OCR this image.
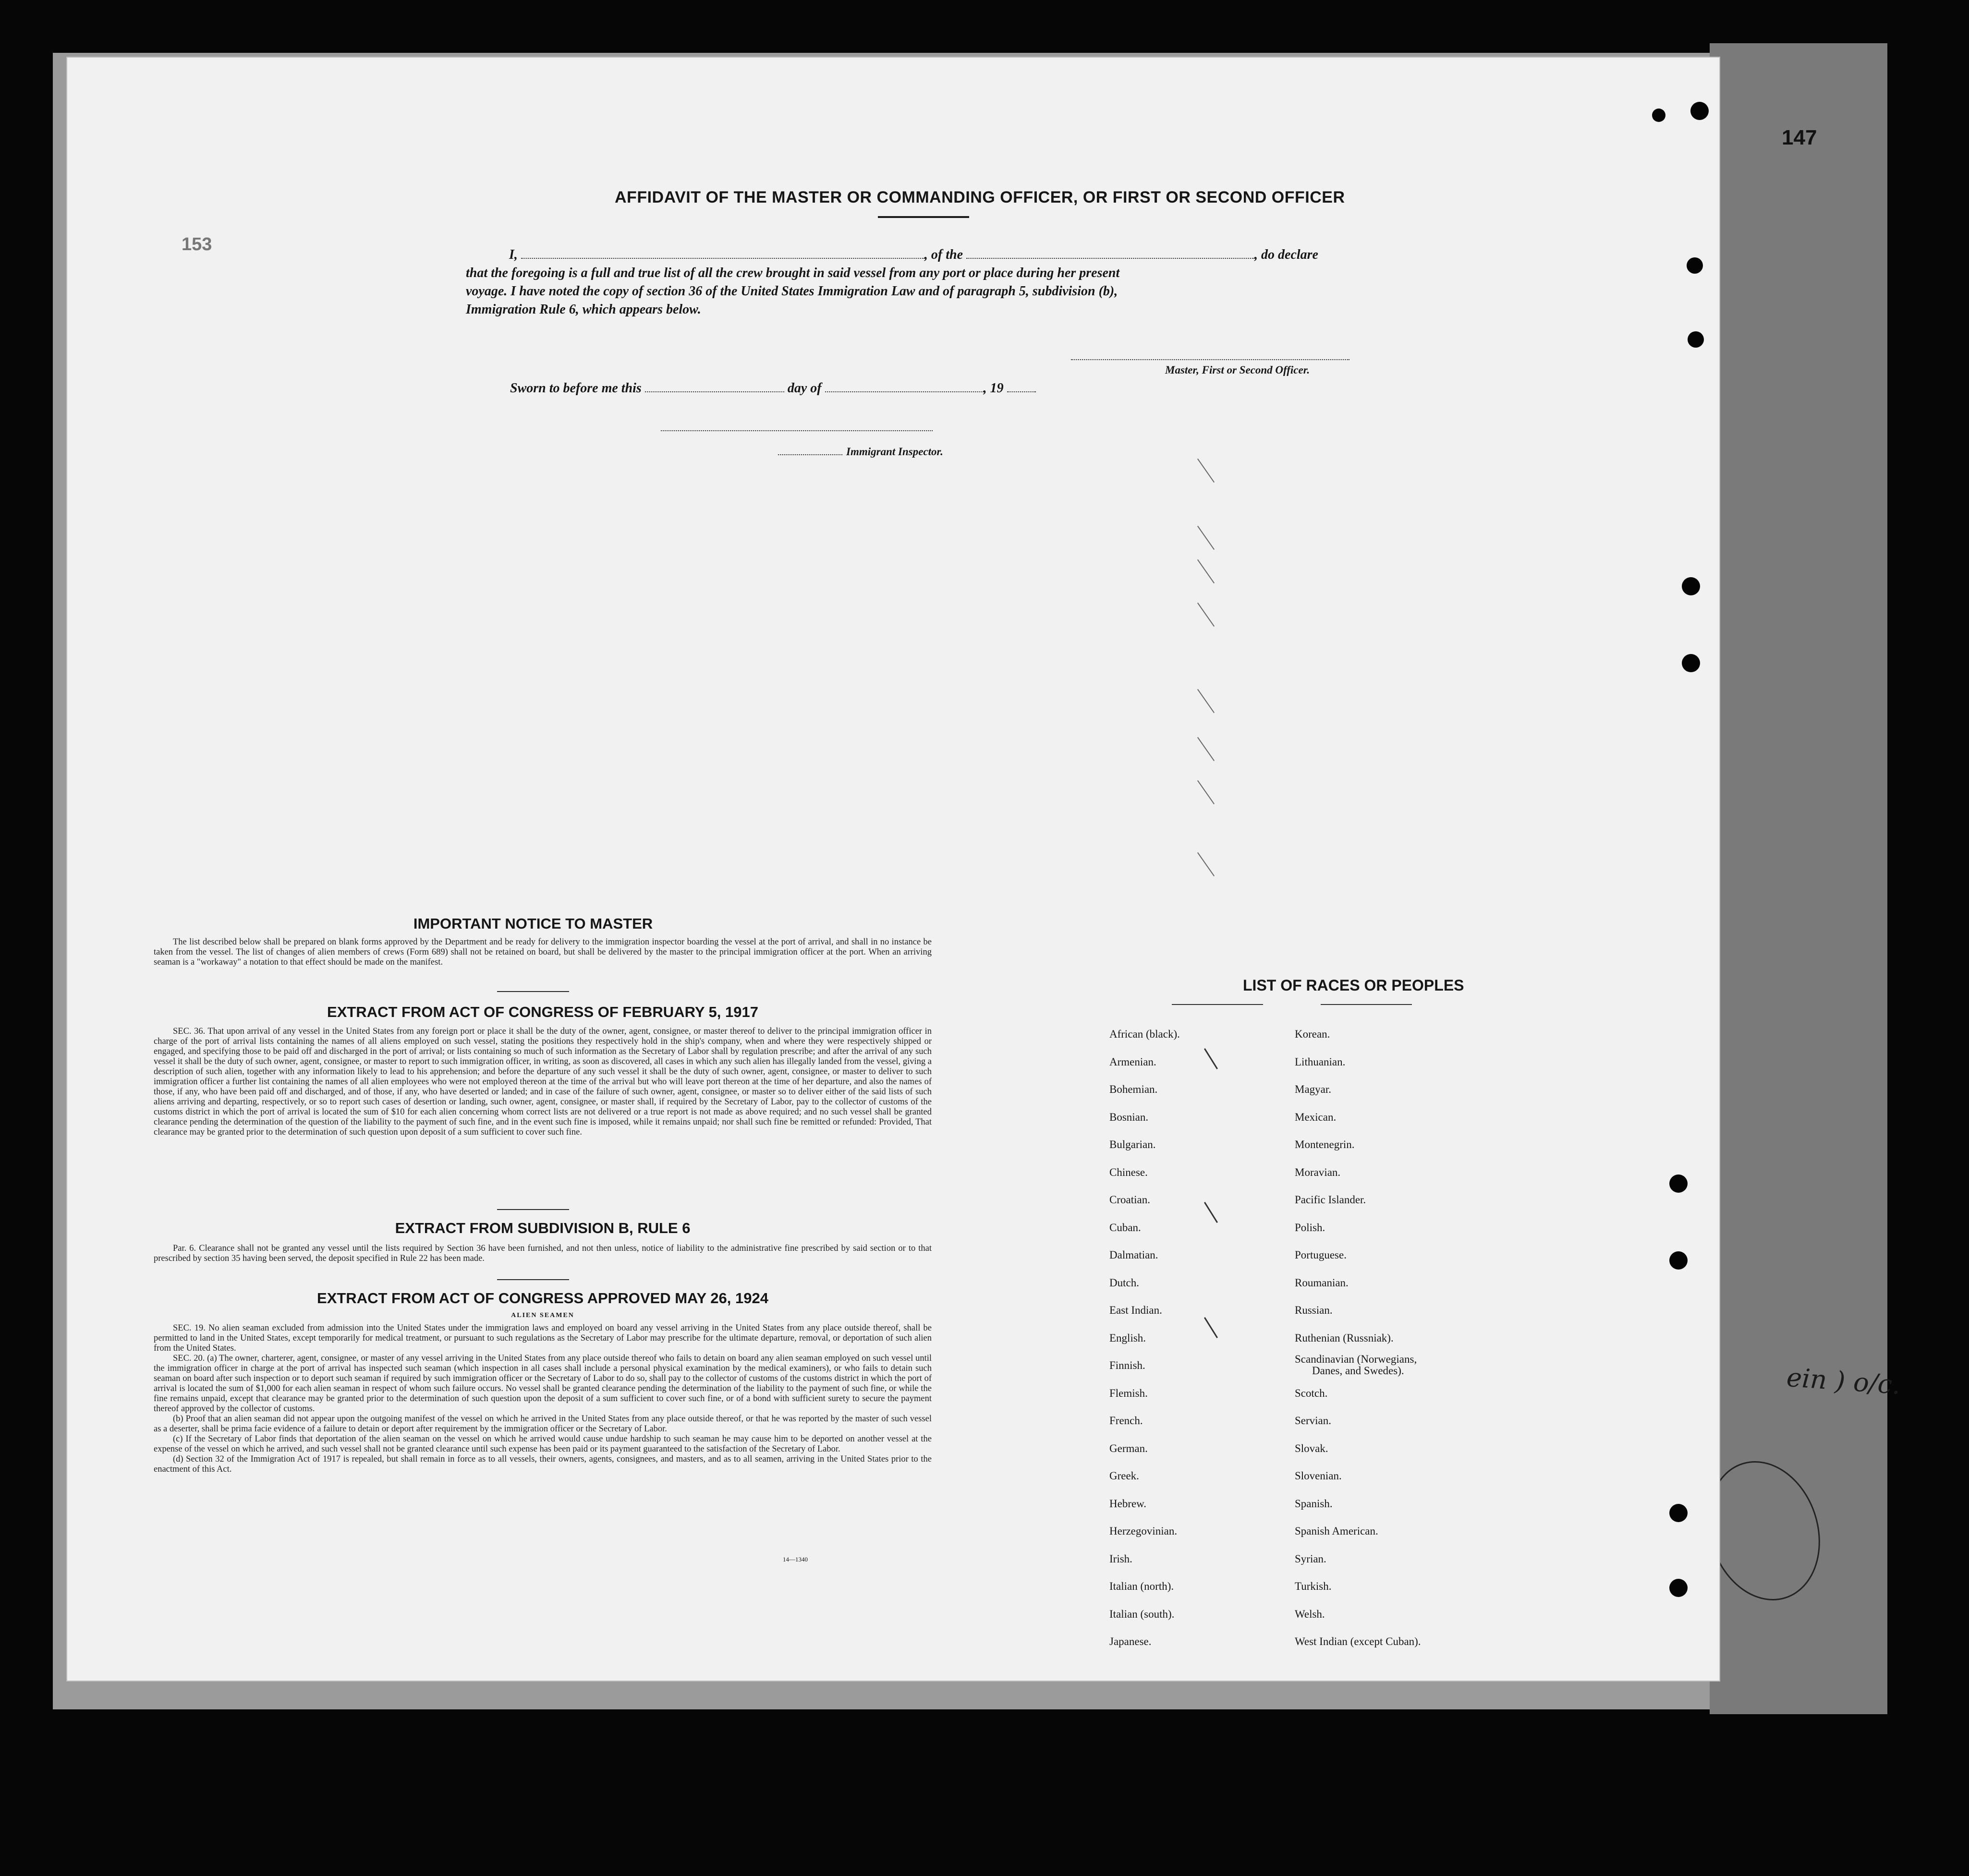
147
ein ) o/c.
153
AFFIDAVIT OF THE MASTER OR COMMANDING OFFICER, OR FIRST OR SECOND OFFICER
I,	, of the	, do declare
that the foregoing is a full and true list of all the crew brought in said vessel from any port or place during her present
voyage. I have noted the copy of section 36 of the United States Immigration Law and of paragraph 5, subdivision (b),
Immigration Rule 6, which appears below.
Master, First or Second Officer.
Sworn to before me this	day of	, 19
Immigrant Inspector.
IMPORTANT NOTICE TO MASTER
The list described below shall be prepared on blank forms approved by the Department and be ready for delivery to the immigration inspector boarding the vessel at the port of arrival, and shall in no instance be taken from the vessel. The list of changes of alien members of crews (Form 689) shall not be retained on board, but shall be delivered by the master to the principal immigration officer at the port. When an arriving seaman is a "workaway" a notation to that effect should be made on the manifest.
EXTRACT FROM ACT OF CONGRESS OF FEBRUARY 5, 1917
SEC. 36. That upon arrival of any vessel in the United States from any foreign port or place it shall be the duty of the owner, agent, consignee, or master thereof to deliver to the principal immigration officer in charge of the port of arrival lists containing the names of all aliens employed on such vessel, stating the positions they respectively hold in the ship's company, when and where they were respectively shipped or engaged, and specifying those to be paid off and discharged in the port of arrival; or lists containing so much of such information as the Secretary of Labor shall by regulation prescribe; and after the arrival of any such vessel it shall be the duty of such owner, agent, consignee, or master to report to such immigration officer, in writing, as soon as discovered, all cases in which any such alien has illegally landed from the vessel, giving a description of such alien, together with any information likely to lead to his apprehension; and before the departure of any such vessel it shall be the duty of such owner, agent, consignee, or master to deliver to such immigration officer a further list containing the names of all alien employees who were not employed thereon at the time of the arrival but who will leave port thereon at the time of her departure, and also the names of those, if any, who have been paid off and discharged, and of those, if any, who have deserted or landed; and in case of the failure of such owner, agent, consignee, or master so to deliver either of the said lists of such aliens arriving and departing, respectively, or so to report such cases of desertion or landing, such owner, agent, consignee, or master shall, if required by the Secretary of Labor, pay to the collector of customs of the customs district in which the port of arrival is located the sum of $10 for each alien concerning whom correct lists are not delivered or a true report is not made as above required; and no such vessel shall be granted clearance pending the determination of the question of the liability to the payment of such fine, and in the event such fine is imposed, while it remains unpaid; nor shall such fine be remitted or refunded: Provided, That clearance may be granted prior to the determination of such question upon deposit of a sum sufficient to cover such fine.
EXTRACT FROM SUBDIVISION B, RULE 6
Par. 6. Clearance shall not be granted any vessel until the lists required by Section 36 have been furnished, and not then unless, notice of liability to the administrative fine prescribed by said section or to that prescribed by section 35 having been served, the deposit specified in Rule 22 has been made.
EXTRACT FROM ACT OF CONGRESS APPROVED MAY 26, 1924
ALIEN SEAMEN
SEC. 19. No alien seaman excluded from admission into the United States under the immigration laws and employed on board any vessel arriving in the United States from any place outside thereof, shall be permitted to land in the United States, except temporarily for medical treatment, or pursuant to such regulations as the Secretary of Labor may prescribe for the ultimate departure, removal, or deportation of such alien from the United States.
SEC. 20. (a) The owner, charterer, agent, consignee, or master of any vessel arriving in the United States from any place outside thereof who fails to detain on board any alien seaman employed on such vessel until the immigration officer in charge at the port of arrival has inspected such seaman (which inspection in all cases shall include a personal physical examination by the medical examiners), or who fails to detain such seaman on board after such inspection or to deport such seaman if required by such immigration officer or the Secretary of Labor to do so, shall pay to the collector of customs of the customs district in which the port of arrival is located the sum of $1,000 for each alien seaman in respect of whom such failure occurs. No vessel shall be granted clearance pending the determination of the liability to the payment of such fine, or while the fine remains unpaid, except that clearance may be granted prior to the determination of such question upon the deposit of a sum sufficient to cover such fine, or of a bond with sufficient surety to secure the payment thereof approved by the collector of customs.
(b) Proof that an alien seaman did not appear upon the outgoing manifest of the vessel on which he arrived in the United States from any place outside thereof, or that he was reported by the master of such vessel as a deserter, shall be prima facie evidence of a failure to detain or deport after requirement by the immigration officer or the Secretary of Labor.
(c) If the Secretary of Labor finds that deportation of the alien seaman on the vessel on which he arrived would cause undue hardship to such seaman he may cause him to be deported on another vessel at the expense of the vessel on which he arrived, and such vessel shall not be granted clearance until such expense has been paid or its payment guaranteed to the satisfaction of the Secretary of Labor.
(d) Section 32 of the Immigration Act of 1917 is repealed, but shall remain in force as to all vessels, their owners, agents, consignees, and masters, and as to all seamen, arriving in the United States prior to the enactment of this Act.
14—1340
LIST OF RACES OR PEOPLES
African (black).
Armenian.
Bohemian.
Bosnian.
Bulgarian.
Chinese.
Croatian.
Cuban.
Dalmatian.
Dutch.
East Indian.
English.
Finnish.
Flemish.
French.
German.
Greek.
Hebrew.
Herzegovinian.
Irish.
Italian (north).
Italian (south).
Japanese.
Korean.
Lithuanian.
Magyar.
Mexican.
Montenegrin.
Moravian.
Pacific Islander.
Polish.
Portuguese.
Roumanian.
Russian.
Ruthenian (Russniak).
Scandinavian (Norwegians,
Danes, and Swedes).
Scotch.
Servian.
Slovak.
Slovenian.
Spanish.
Spanish American.
Syrian.
Turkish.
Welsh.
West Indian (except Cuban).
